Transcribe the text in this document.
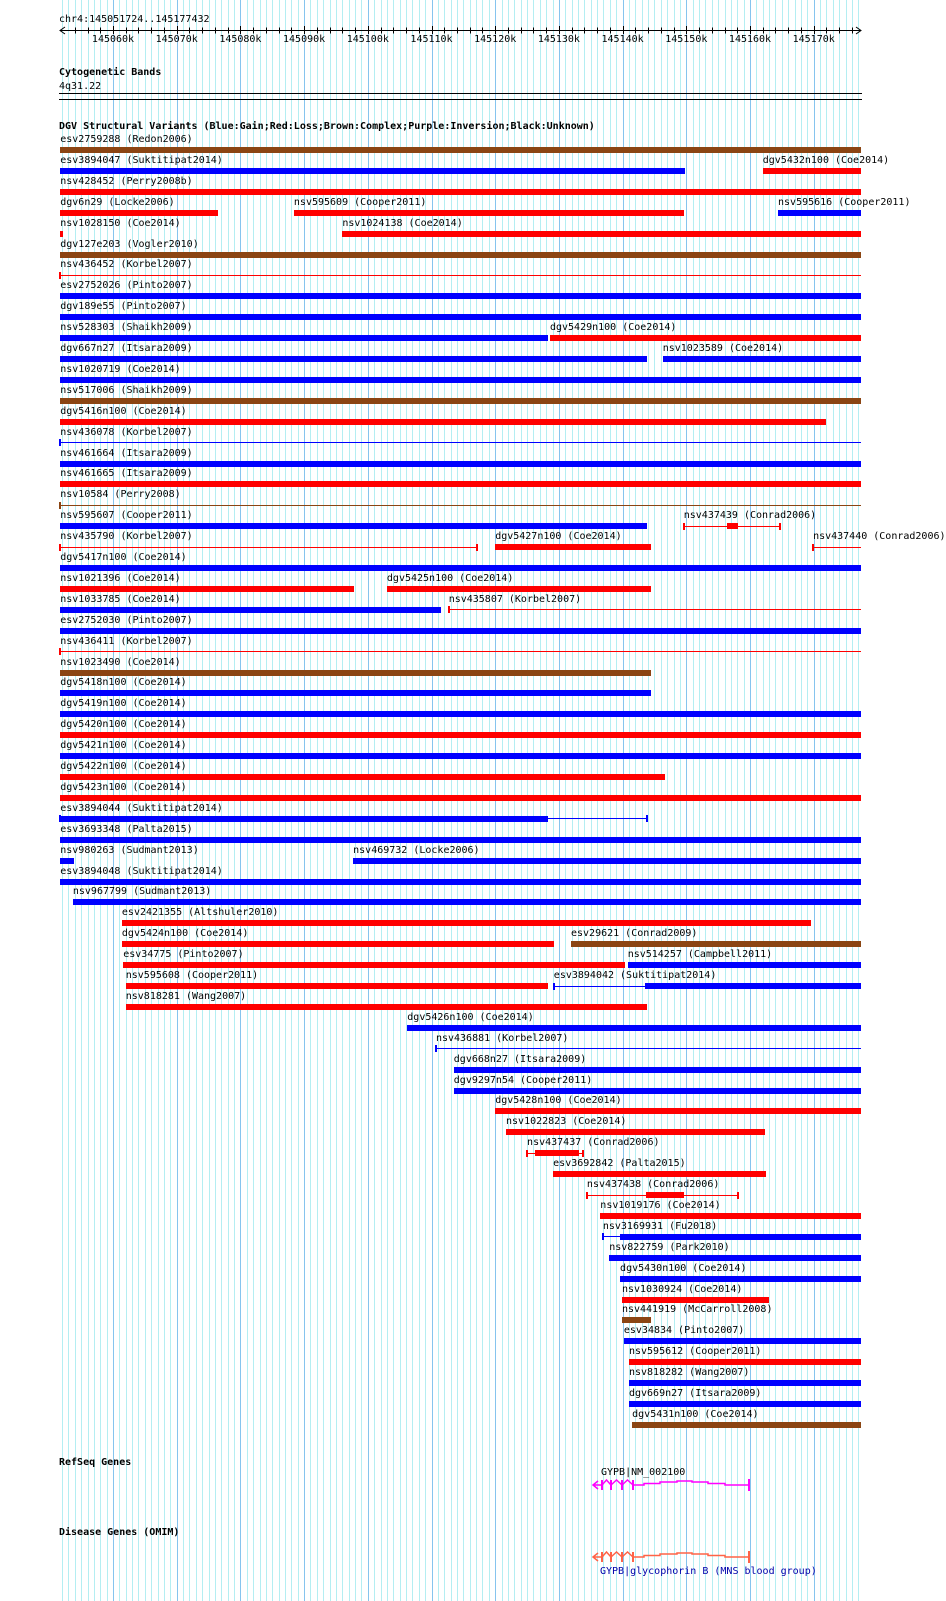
chr4:145051724..145177432
145060k	145070k	145080k	145090k	145100k	145110k	145120k	145130k	145140k	145150k	145160k	145170k
Cytogenetic Bands
4q31.22
DGV Structural Variants (Blue:Gain;Red:Loss;Brown:Complex;Purple:Inversion;Black:Unknown)
esv2759288 (Redon2006)
esv3894047 (Suktitipat2014)	dgv5432n100 (Coe2014)
nsv428452 (Perry2008b)
dgv6n29 (Locke2006)	nsv595609 (Cooper2011)	nsv595616 (Cooper2011)
nsv1028150 (Coe2014)	nsv1024138 (Coe2014)
dgv127e203 (Vogler2010)
nsv436452 (Korbel2007)
esv2752026 (Pinto2007)
dgv189e55 (Pinto2007)
nsv528303 (Shaikh2009)	dgv5429n100 (Coe2014)
dgv667n27 (Itsara2009)	nsv1023589 (Coe2014)
nsv1020719 (Coe2014)
nsv517006 (Shaikh2009)
dgv5416n100 (Coe2014)
nsv436078 (Korbel2007)
nsv461664 (Itsara2009)
nsv461665 (Itsara2009)
nsv10584 (Perry2008)
nsv595607 (Cooper2011)	nsv437439 (Conrad2006)
nsv435790 (Korbel2007)	dgv5427n100 (Coe2014)	nsv437440 (Conrad2006)
dgv5417n100 (Coe2014)
nsv1021396 (Coe2014)	dgv5425n100 (Coe2014)
nsv1033785 (Coe2014)	nsv435807 (Korbel2007)
esv2752030 (Pinto2007)
nsv436411 (Korbel2007)
nsv1023490 (Coe2014)
dgv5418n100 (Coe2014)
dgv5419n100 (Coe2014)
dgv5420n100 (Coe2014)
dgv5421n100 (Coe2014)
dgv5422n100 (Coe2014)
dgv5423n100 (Coe2014)
esv3894044 (Suktitipat2014)
esv3693348 (Palta2015)
nsv980263 (Sudmant2013)	nsv469732 (Locke2006)
esv3894048 (Suktitipat2014)
nsv967799 (Sudmant2013)
esv2421355 (Altshuler2010)
dgv5424n100 (Coe2014)	esv29621 (Conrad2009)
esv34775 (Pinto2007)	nsv514257 (Campbell2011)
nsv595608 (Cooper2011)	esv3894042 (Suktitipat2014)
nsv818281 (Wang2007)
dgv5426n100 (Coe2014)
nsv436881 (Korbel2007)
dgv668n27 (Itsara2009)
dgv9297n54 (Cooper2011)
dgv5428n100 (Coe2014)
nsv1022823 (Coe2014)
nsv437437 (Conrad2006)
esv3692842 (Palta2015)
nsv437438 (Conrad2006)
nsv1019176 (Coe2014)
nsv3169931 (Fu2018)
nsv822759 (Park2010)
dgv5430n100 (Coe2014)
nsv1030924 (Coe2014)
nsv441919 (McCarroll2008)
esv34834 (Pinto2007)
nsv595612 (Cooper2011)
nsv818282 (Wang2007)
dgv669n27 (Itsara2009)
dgv5431n100 (Coe2014)
RefSeq Genes
GYPB|NM_002100
Disease Genes (OMIM)
GYPB|glycophorin B (MNS blood group)
